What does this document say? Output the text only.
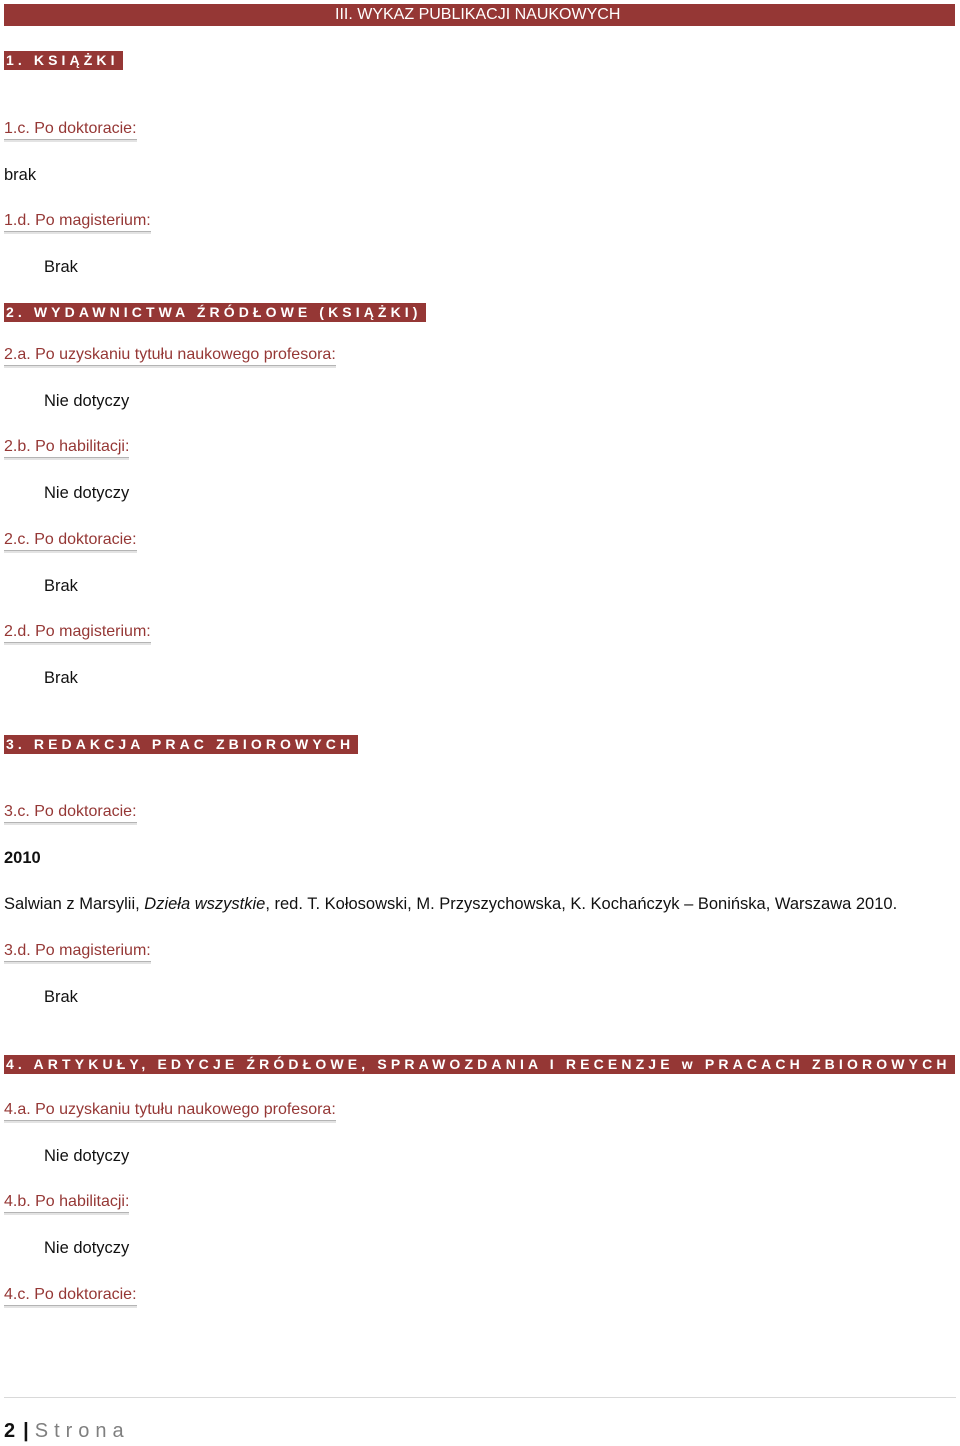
III. WYKAZ PUBLIKACJI NAUKOWYCH
1. KSIĄŻKI
1.c. Po doktoracie:
brak
1.d. Po magisterium:
Brak
2. WYDAWNICTWA ŹRÓDŁOWE (KSIĄŻKI)
2.a. Po uzyskaniu tytułu naukowego profesora:
Nie dotyczy
2.b. Po habilitacji:
Nie dotyczy
2.c. Po doktoracie:
Brak
2.d. Po magisterium:
Brak
3. REDAKCJA PRAC ZBIOROWYCH
3.c. Po doktoracie:
2010
Salwian z Marsylii, Dzieła wszystkie, red. T. Kołosowski, M. Przyszychowska, K. Kochańczyk – Bonińska, Warszawa 2010.
3.d. Po magisterium:
Brak
4. ARTYKUŁY, EDYCJE ŹRÓDŁOWE, SPRAWOZDANIA I RECENZJE w PRACACH ZBIOROWYCH
4.a. Po uzyskaniu tytułu naukowego profesora:
Nie dotyczy
4.b. Po habilitacji:
Nie dotyczy
4.c. Po doktoracie:
2 | Strona
